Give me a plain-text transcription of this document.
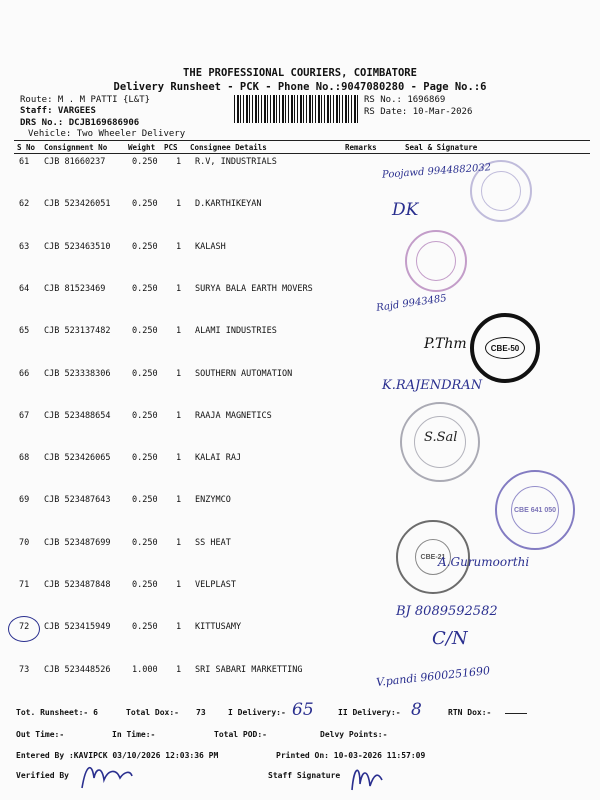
THE PROFESSIONAL COURIERS, COIMBATORE
Delivery Runsheet - PCK - Phone No.:9047080280 - Page No.:6
Route: M . M PATTI {L&T}
Staff: VARGEES
DRS No.: DCJB169686906
Vehicle: Two Wheeler Delivery
RS No.: 1696869
RS Date: 10-Mar-2026
S No Consignment No	Weight PCS Consignee Details	Remarks	Seal & Signature
61 CJB 81660237	0.250 1 R.V, INDUSTRIALS
62 CJB 523426051	0.250 1 D.KARTHIKEYAN
63 CJB 523463510	0.250 1 KALASH
64 CJB 81523469	0.250 1 SURYA BALA EARTH MOVERS
65 CJB 523137482	0.250 1 ALAMI INDUSTRIES
66 CJB 523338306	0.250 1 SOUTHERN AUTOMATION
67 CJB 523488654	0.250 1 RAAJA MAGNETICS
68 CJB 523426065	0.250 1 KALAI RAJ
69 CJB 523487643	0.250 1 ENZYMCO
70 CJB 523487699	0.250 1 SS HEAT
71 CJB 523487848	0.250 1 VELPLAST
72 CJB 523415949	0.250 1 KITTUSAMY
73 CJB 523448526	1.000 1 SRI SABARI MARKETTING
CBE-50
CBE 641 050
CBE-21
Poojawd 9944882032
DK
Rajd 9943485
P.Thm
K.RAJENDRAN
S.Sal
A.Gurumoorthi
BJ 8089592582
C/N
V.pandi 9600251690
Tot. Runsheet:- 6	Total Dox:- 73	I Delivery:- 65	II Delivery:- 8	RTN Dox:-
Out Time:-	In Time:-	Total POD:-	Delvy Points:-
Entered By :KAVIPCK 03/10/2026 12:03:36 PM	Printed On: 10-03-2026 11:57:09
Verified By	Staff Signature
